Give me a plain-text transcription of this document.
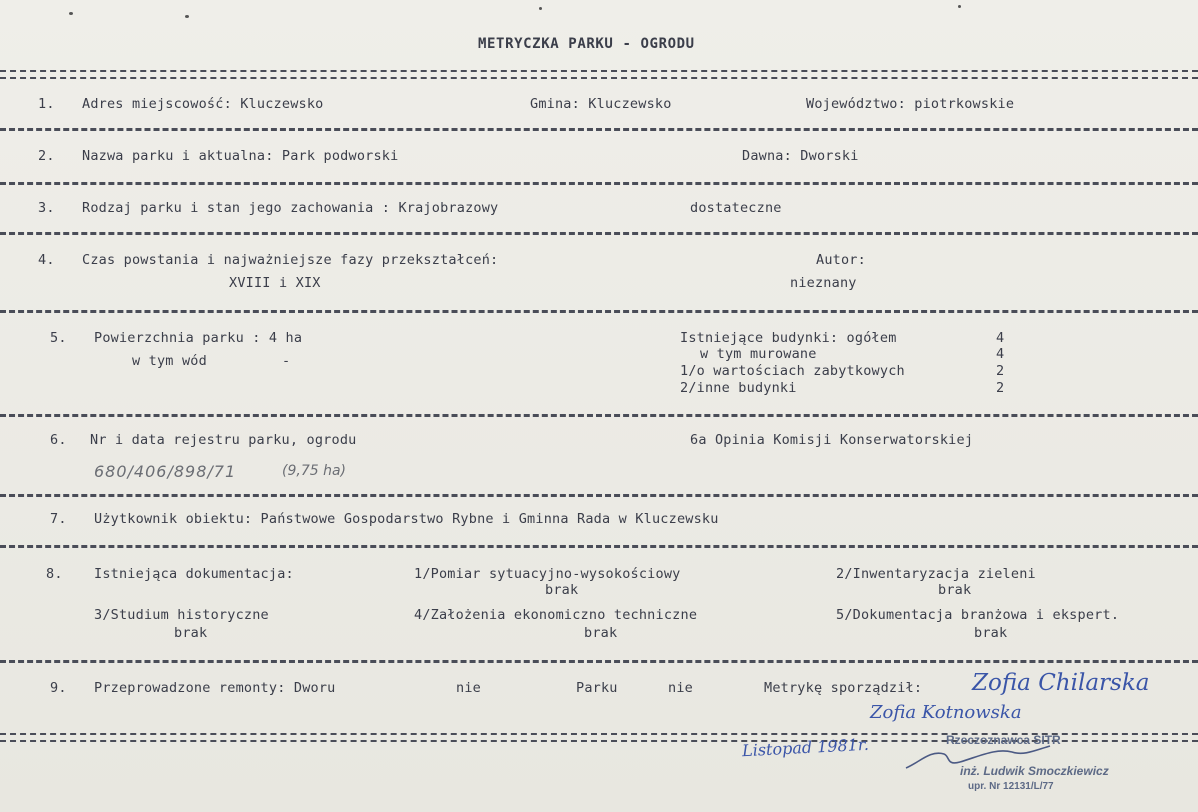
METRYCZKA PARKU - OGRODU
1. Adres miejscowość: Kluczewsko	Gmina: Kluczewsko	Województwo: piotrkowskie
2. Nazwa parku i aktualna: Park podworski	Dawna: Dworski
3. Rodzaj parku i stan jego zachowania : Krajobrazowy	dostateczne
4. Czas powstania i najważniejsze fazy przekształceń:
XVIII i XIX
Autor:
nieznany
5. Powierzchnia parku : 4 ha
w tym wód	-
Istniejące budynki: ogółem	4
w tym murowane	4
1/o wartościach zabytkowych	2
2/inne budynki	2
6. Nr i data rejestru parku, ogrodu	6a Opinia Komisji Konserwatorskiej
680/406/898/71	(9,75 ha)
7. Użytkownik obiektu: Państwowe Gospodarstwo Rybne i Gminna Rada w Kluczewsku
8. Istniejąca dokumentacja:	1/Pomiar sytuacyjno-wysokościowy
brak
2/Inwentaryzacja zieleni
brak
3/Studium historyczne
brak
4/Założenia ekonomiczno techniczne
brak
5/Dokumentacja branżowa i ekspert.
brak
9. Przeprowadzone remonty: Dworu	nie	Parku	nie	Metrykę sporządził: Zofia Chilarska
Zofia Kotnowska
Listopad 1981r.	Rzeczoznawca SITR
inż. Ludwik Smoczkiewicz
upr. Nr 12131/L/77
